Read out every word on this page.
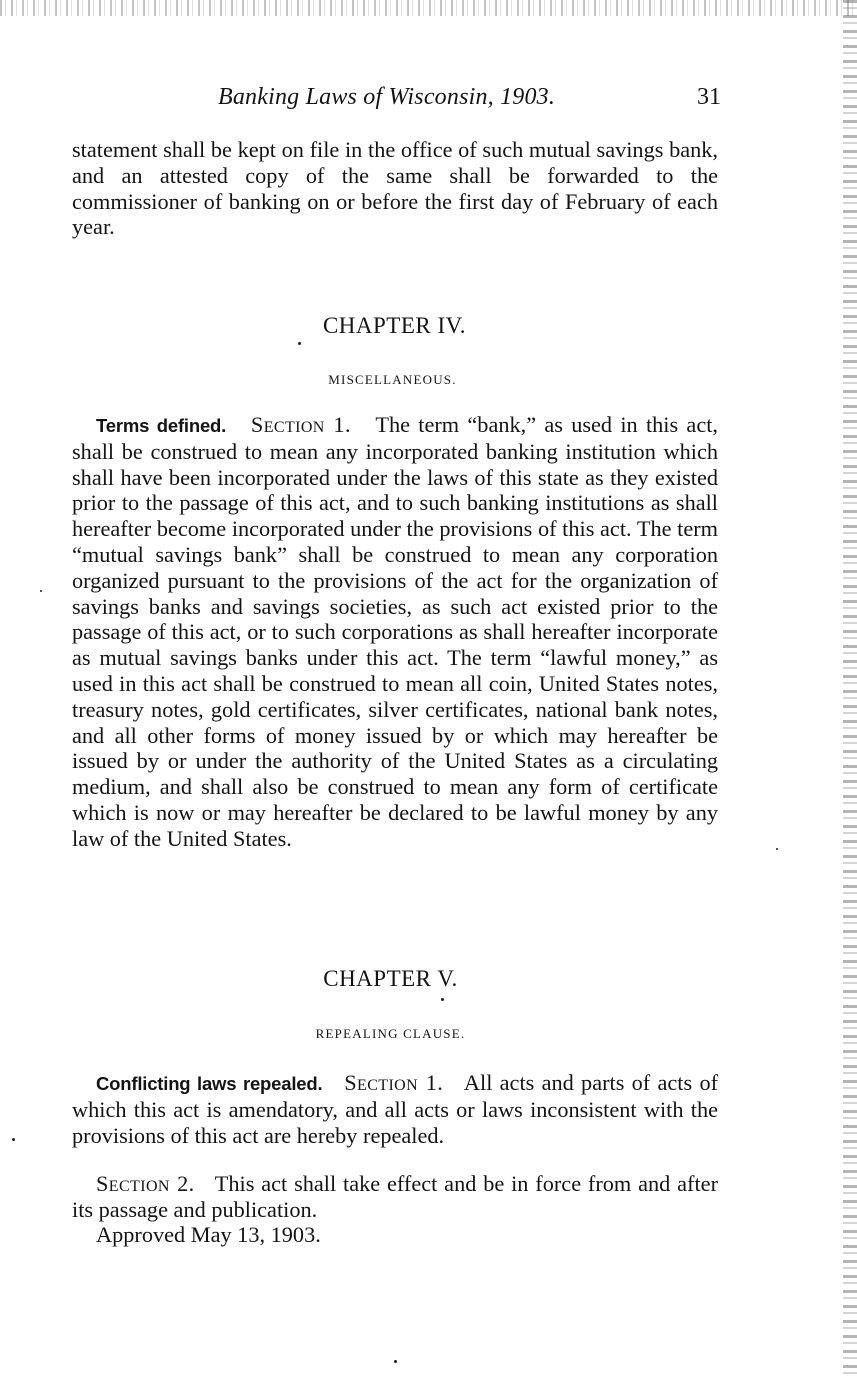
Banking Laws of Wisconsin, 1903.	31

statement shall be kept on file in the office of such mutual savings bank, and an attested copy of the same shall be forwarded to the commissioner of banking on or before the first day of February of each year.

CHAPTER IV.
MISCELLANEOUS.

Terms defined. Section 1. The term “bank,” as used in this act, shall be construed to mean any incorporated banking institution which shall have been incorporated under the laws of this state as they existed prior to the passage of this act, and to such banking institutions as shall hereafter become incorporated under the provisions of this act. The term “mutual savings bank” shall be construed to mean any corporation organized pursuant to the provisions of the act for the organization of savings banks and savings societies, as such act existed prior to the passage of this act, or to such corporations as shall hereafter incorporate as mutual savings banks under this act. The term “lawful money,” as used in this act shall be construed to mean all coin, United States notes, treasury notes, gold certificates, silver certificates, national bank notes, and all other forms of money issued by or which may hereafter be issued by or under the authority of the United States as a circulating medium, and shall also be construed to mean any form of certificate which is now or may hereafter be declared to be lawful money by any law of the United States.

CHAPTER V.
REPEALING CLAUSE.

Conflicting laws repealed. Section 1. All acts and parts of acts of which this act is amendatory, and all acts or laws inconsistent with the provisions of this act are hereby repealed.

Section 2. This act shall take effect and be in force from and after its passage and publication.

Approved May 13, 1903.
